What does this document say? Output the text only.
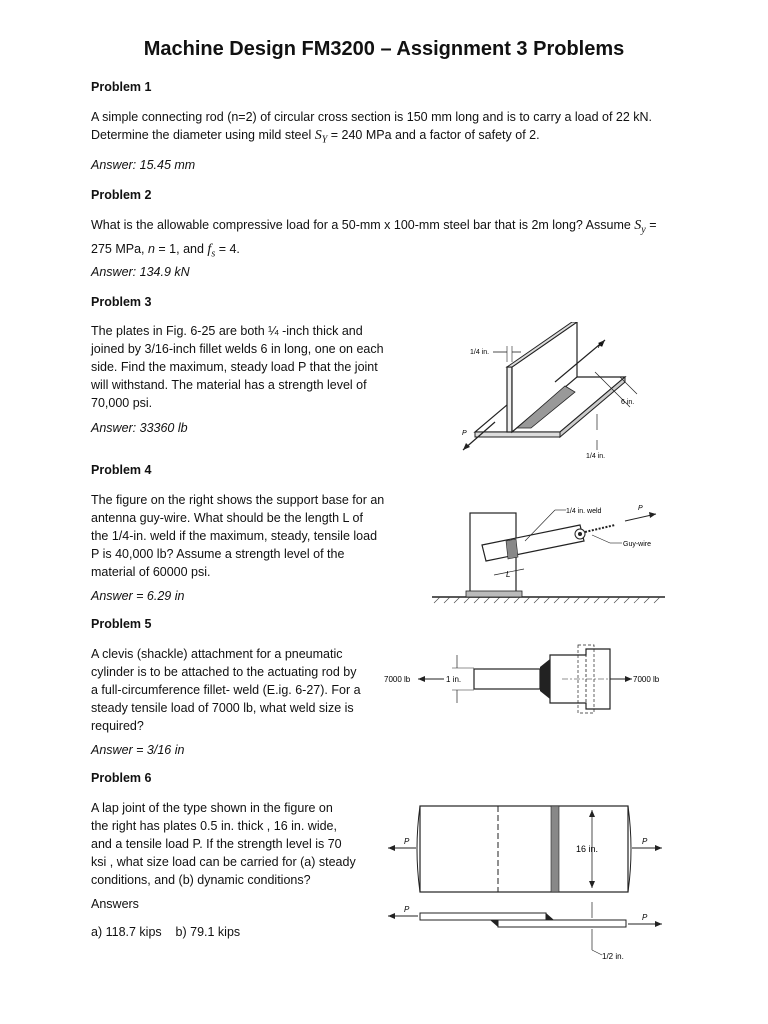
Machine Design FM3200 – Assignment 3 Problems
Problem 1
A simple connecting rod (n=2) of circular cross section is 150 mm long and is to carry a load of 22 kN.
Determine the diameter using mild steel $S_Y = 240$ MPa and a factor of safety of 2.
Answer: 15.45 mm
Problem 2
What is the allowable compressive load for a 50-mm x 100-mm steel bar that is 2m long? Assume $S_y$ =
275 MPa, n = 1, and $f_s = 4$.
Answer: 134.9 kN
Problem 3
The plates in Fig. 6-25 are both ¼ -inch thick and
joined by 3/16-inch fillet welds 6 in long, one on each
side. Find the maximum, steady load P that the joint
will withstand. The material has a strength level of
70,000 psi.
Answer: 33360 lb
P
P
1/4 in.
6 in.
1/4 in.
Problem 4
The figure on the right shows the support base for an
antenna guy-wire. What should be the length L of
the 1/4-in. weld if the maximum, steady, tensile load
P is 40,000 lb? Assume a strength level of the
material of 60000 psi.
Answer = 6.29 in
P
1/4 in. weld
Guy-wire
L
Problem 5
A clevis (shackle) attachment for a pneumatic
cylinder is to be attached to the actuating rod by
a full-circumference fillet- weld (E.ig. 6-27). For a
steady tensile load of 7000 lb, what weld size is
required?
Answer = 3/16 in
7000 lb	1 in.	7000 lb
Problem 6
A lap joint of the type shown in the figure on
the right has plates 0.5 in. thick , 16 in. wide,
and a tensile load P. If the strength level is 70
ksi , what size load can be carried for (a) steady
conditions, and (b) dynamic conditions?
Answers
a) 118.7 kips    b) 79.1 kips
P	P
16 in.
P
P
1/2 in.
